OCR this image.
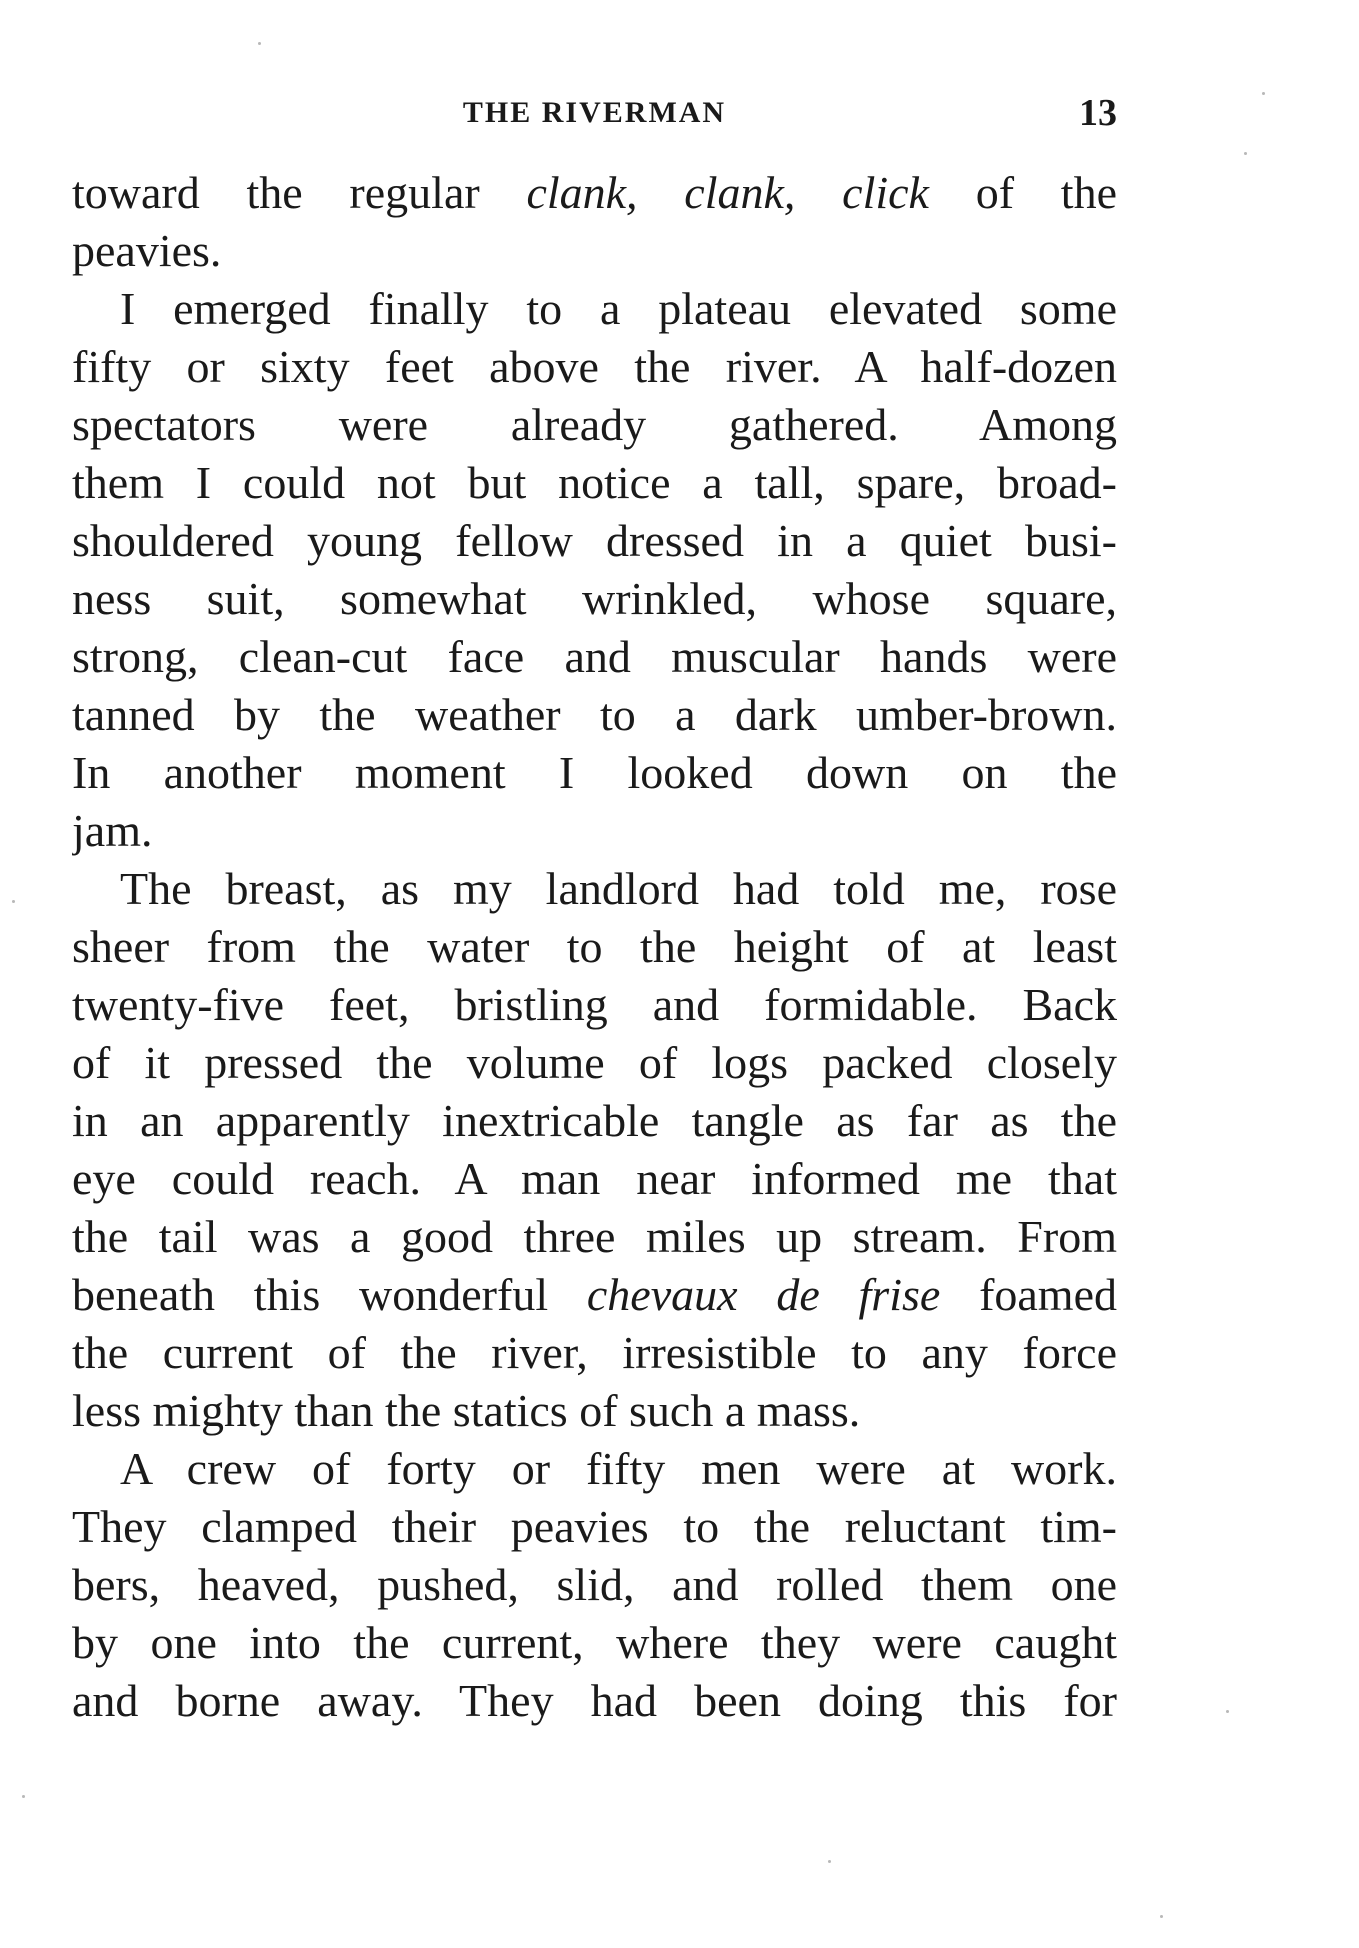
THE RIVERMAN	13
toward the regular clank, clank, click of the
peavies.
I emerged finally to a plateau elevated some
fifty or sixty feet above the river. A half-dozen
spectators were already gathered. Among
them I could not but notice a tall, spare, broad-
shouldered young fellow dressed in a quiet busi-
ness suit, somewhat wrinkled, whose square,
strong, clean-cut face and muscular hands were
tanned by the weather to a dark umber-brown.
In another moment I looked down on the
jam.
The breast, as my landlord had told me, rose
sheer from the water to the height of at least
twenty-five feet, bristling and formidable. Back
of it pressed the volume of logs packed closely
in an apparently inextricable tangle as far as the
eye could reach. A man near informed me that
the tail was a good three miles up stream. From
beneath this wonderful chevaux de frise foamed
the current of the river, irresistible to any force
less mighty than the statics of such a mass.
A crew of forty or fifty men were at work.
They clamped their peavies to the reluctant tim-
bers, heaved, pushed, slid, and rolled them one
by one into the current, where they were caught
and borne away. They had been doing this for
